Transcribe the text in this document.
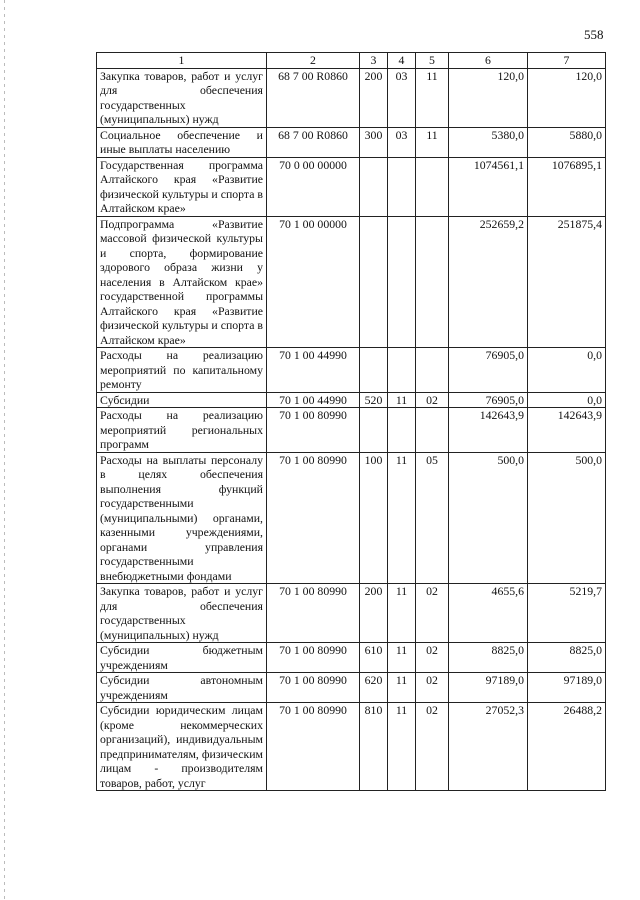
558
1	2	3	4	5	6	7
Закупка товаров, работ и услуг для обеспечения государственных (муниципальных) нужд	68 7 00 R0860	200	03	11	120,0	120,0
Социальное обеспечение и иные выплаты населению	68 7 00 R0860	300	03	11	5380,0	5880,0
Государственная программа Алтайского края «Развитие физической культуры и спорта в Алтайском крае»	70 0 00 00000				1074561,1	1076895,1
Подпрограмма «Развитие массовой физической культуры и спорта, формирование здорового образа жизни у населения в Алтайском крае» государственной программы Алтайского края «Развитие физической культуры и спорта в Алтайском крае»	70 1 00 00000				252659,2	251875,4
Расходы на реализацию мероприятий по капитальному ремонту	70 1 00 44990				76905,0	0,0
Субсидии	70 1 00 44990	520	11	02	76905,0	0,0
Расходы на реализацию мероприятий региональных программ	70 1 00 80990				142643,9	142643,9
Расходы на выплаты персоналу в целях обеспечения выполнения функций государственными (муниципальными) органами, казенными учреждениями, органами управления государственными внебюджетными фондами	70 1 00 80990	100	11	05	500,0	500,0
Закупка товаров, работ и услуг для обеспечения государственных (муниципальных) нужд	70 1 00 80990	200	11	02	4655,6	5219,7
Субсидии бюджетным учреждениям	70 1 00 80990	610	11	02	8825,0	8825,0
Субсидии автономным учреждениям	70 1 00 80990	620	11	02	97189,0	97189,0
Субсидии юридическим лицам (кроме некоммерческих организаций), индивидуальным предпринимателям, физическим лицам - производителям товаров, работ, услуг	70 1 00 80990	810	11	02	27052,3	26488,2
